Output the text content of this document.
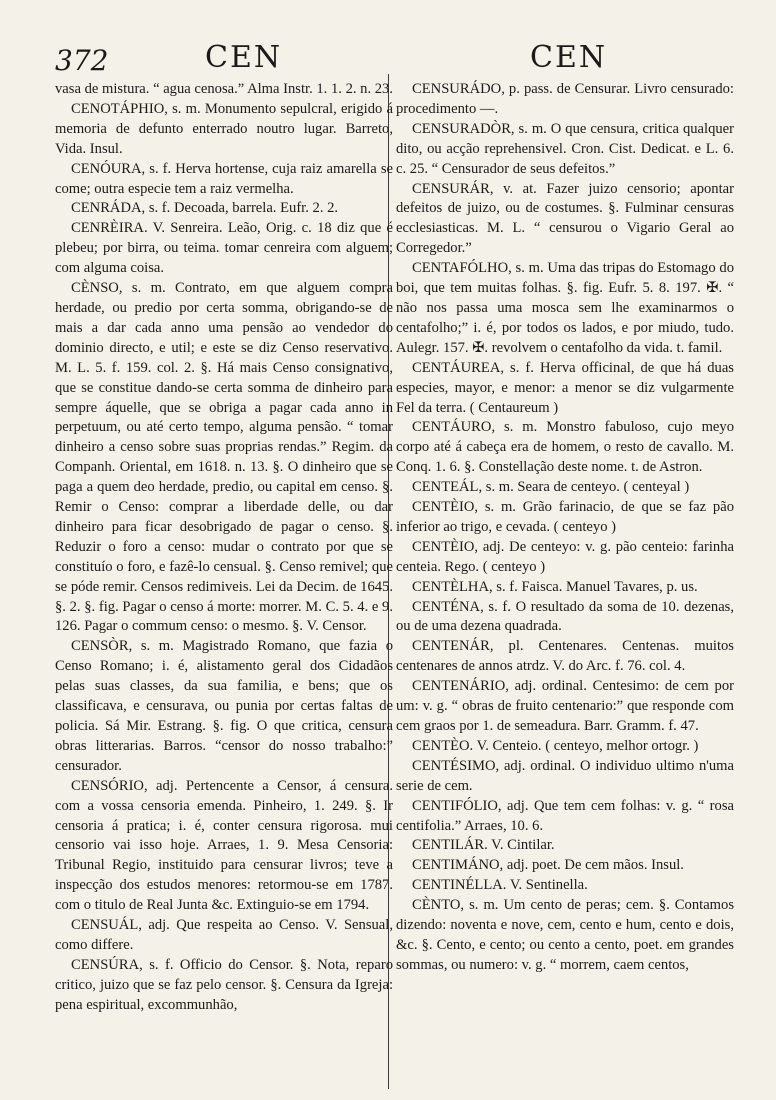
372	CEN	CEN

vasa de mistura. “ agua cenosa.” Alma Instr. 1. 1. 2. n. 23.

CENOTÁPHIO, s. m. Monumento sepulcral, erigido á memoria de defunto enterrado noutro lugar. Barreto, Vida. Insul.

CENÓURA, s. f. Herva hortense, cuja raiz amarella se come; outra especie tem a raiz vermelha.

CENRÁDA, s. f. Decoada, barrela. Eufr. 2. 2.

CENRÈIRA. V. Senreira. Leão, Orig. c. 18 diz que é plebeu; por birra, ou teima. tomar cenreira com alguem; com alguma coisa.

CÈNSO, s. m. Contrato, em que alguem compra herdade, ou predio por certa somma, obrigando-se de mais a dar cada anno uma pensão ao vendedor do dominio directo, e util; e este se diz Censo reservativo. M. L. 5. f. 159. col. 2. §. Há mais Censo consignativo, que se constitue dando-se certa somma de dinheiro para sempre áquelle, que se obriga a pagar cada anno in perpetuum, ou até certo tempo, alguma pensão. “ tomar dinheiro a censo sobre suas proprias rendas.” Regim. da Companh. Oriental, em 1618. n. 13. §. O dinheiro que se paga a quem deo herdade, predio, ou capital em censo. §. Remir o Censo: comprar a liberdade delle, ou dar dinheiro para ficar desobrigado de pagar o censo. §. Reduzir o foro a censo: mudar o contrato por que se constituío o foro, e fazê-lo censual. §. Censo remivel; que se póde remir. Censos redimiveis. Lei da Decim. de 1645. §. 2. §. fig. Pagar o censo á morte: morrer. M. C. 5. 4. e 9. 126. Pagar o commum censo: o mesmo. §. V. Censor.

CENSÒR, s. m. Magistrado Romano, que fazia o Censo Romano; i. é, alistamento geral dos Cidadãos pelas suas classes, da sua familia, e bens; que os classificava, e censurava, ou punia por certas faltas de policia. Sá Mir. Estrang. §. fig. O que critica, censura obras litterarias. Barros. “censor do nosso trabalho:” censurador.

CENSÓRIO, adj. Pertencente a Censor, á censura. com a vossa censoria emenda. Pinheiro, 1. 249. §. Ir censoria á pratica; i. é, conter censura rigorosa. mui censorio vai isso hoje. Arraes, 1. 9. Mesa Censoria: Tribunal Regio, instituido para censurar livros; teve a inspecção dos estudos menores: retormou-se em 1787. com o titulo de Real Junta &c. Extinguio-se em 1794.

CENSUÁL, adj. Que respeita ao Censo. V. Sensual, como differe.

CENSÚRA, s. f. Officio do Censor. §. Nota, reparo critico, juizo que se faz pelo censor. §. Censura da Igreja: pena espiritual, excommunhão,

CENSURÁDO, p. pass. de Censurar. Livro censurado: procedimento —.

CENSURADÒR, s. m. O que censura, critica qualquer dito, ou acção reprehensivel. Cron. Cist. Dedicat. e L. 6. c. 25. “ Censurador de seus defeitos.”

CENSURÁR, v. at. Fazer juizo censorio; apontar defeitos de juizo, ou de costumes. §. Fulminar censuras ecclesiasticas. M. L. “ censurou o Vigario Geral ao Corregedor.”

CENTAFÓLHO, s. m. Uma das tripas do Estomago do boi, que tem muitas folhas. §. fig. Eufr. 5. 8. 197. ✠. “ não nos passa uma mosca sem lhe examinarmos o centafolho;” i. é, por todos os lados, e por miudo, tudo. Aulegr. 157. ✠. revolvem o centafolho da vida. t. famil.

CENTÁUREA, s. f. Herva officinal, de que há duas especies, mayor, e menor: a menor se diz vulgarmente Fel da terra. ( Centaureum )

CENTÁURO, s. m. Monstro fabuloso, cujo meyo corpo até á cabeça era de homem, o resto de cavallo. M. Conq. 1. 6. §. Constellação deste nome. t. de Astron.

CENTEÁL, s. m. Seara de centeyo. ( centeyal )

CENTÈIO, s. m. Grão farinacio, de que se faz pão inferior ao trigo, e cevada. ( centeyo )

CENTÈIO, adj. De centeyo: v. g. pão centeio: farinha centeia. Rego. ( centeyo )

CENTÈLHA, s. f. Faisca. Manuel Tavares, p. us.

CENTÉNA, s. f. O resultado da soma de 10. dezenas, ou de uma dezena quadrada.

CENTENÁR, pl. Centenares. Centenas. muitos centenares de annos atrdz. V. do Arc. f. 76. col. 4.

CENTENÁRIO, adj. ordinal. Centesimo: de cem por um: v. g. “ obras de fruito centenario:” que responde com cem graos por 1. de semeadura. Barr. Gramm. f. 47.

CENTÈO. V. Centeio. ( centeyo, melhor ortogr. )

CENTÉSIMO, adj. ordinal. O individuo ultimo n'uma serie de cem.

CENTIFÓLIO, adj. Que tem cem folhas: v. g. “ rosa centifolia.” Arraes, 10. 6.

CENTILÁR. V. Cintilar.

CENTIMÁNO, adj. poet. De cem mãos. Insul.

CENTINÉLLA. V. Sentinella.

CÈNTO, s. m. Um cento de peras; cem. §. Contamos dizendo: noventa e nove, cem, cento e hum, cento e dois, &c. §. Cento, e cento; ou cento a cento, poet. em grandes sommas, ou numero: v. g. “ morrem, caem centos,
